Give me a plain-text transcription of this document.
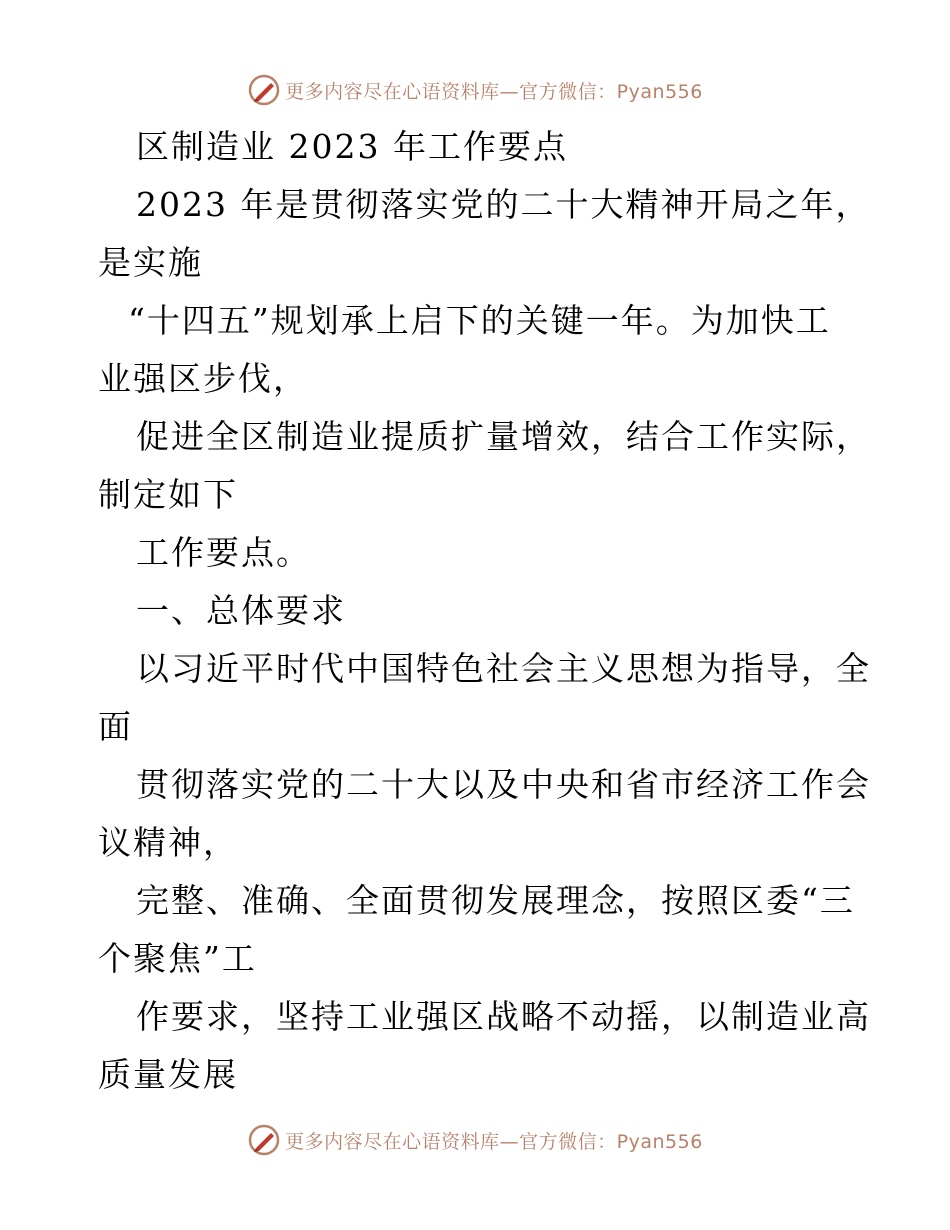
更多内容尽在心语资料库—官方微信：Pyan556
区制造业 2023 年工作要点
2023 年是贯彻落实党的二十大精神开局之年，
是实施
“十四五”规划承上启下的关键一年。为加快工
业强区步伐，
促进全区制造业提质扩量增效，结合工作实际，
制定如下
工作要点。
一、总体要求
以习近平时代中国特色社会主义思想为指导，全
面
贯彻落实党的二十大以及中央和省市经济工作会
议精神，
完整、准确、全面贯彻发展理念，按照区委“三
个聚焦”工
作要求，坚持工业强区战略不动摇，以制造业高
质量发展
更多内容尽在心语资料库—官方微信：Pyan556
